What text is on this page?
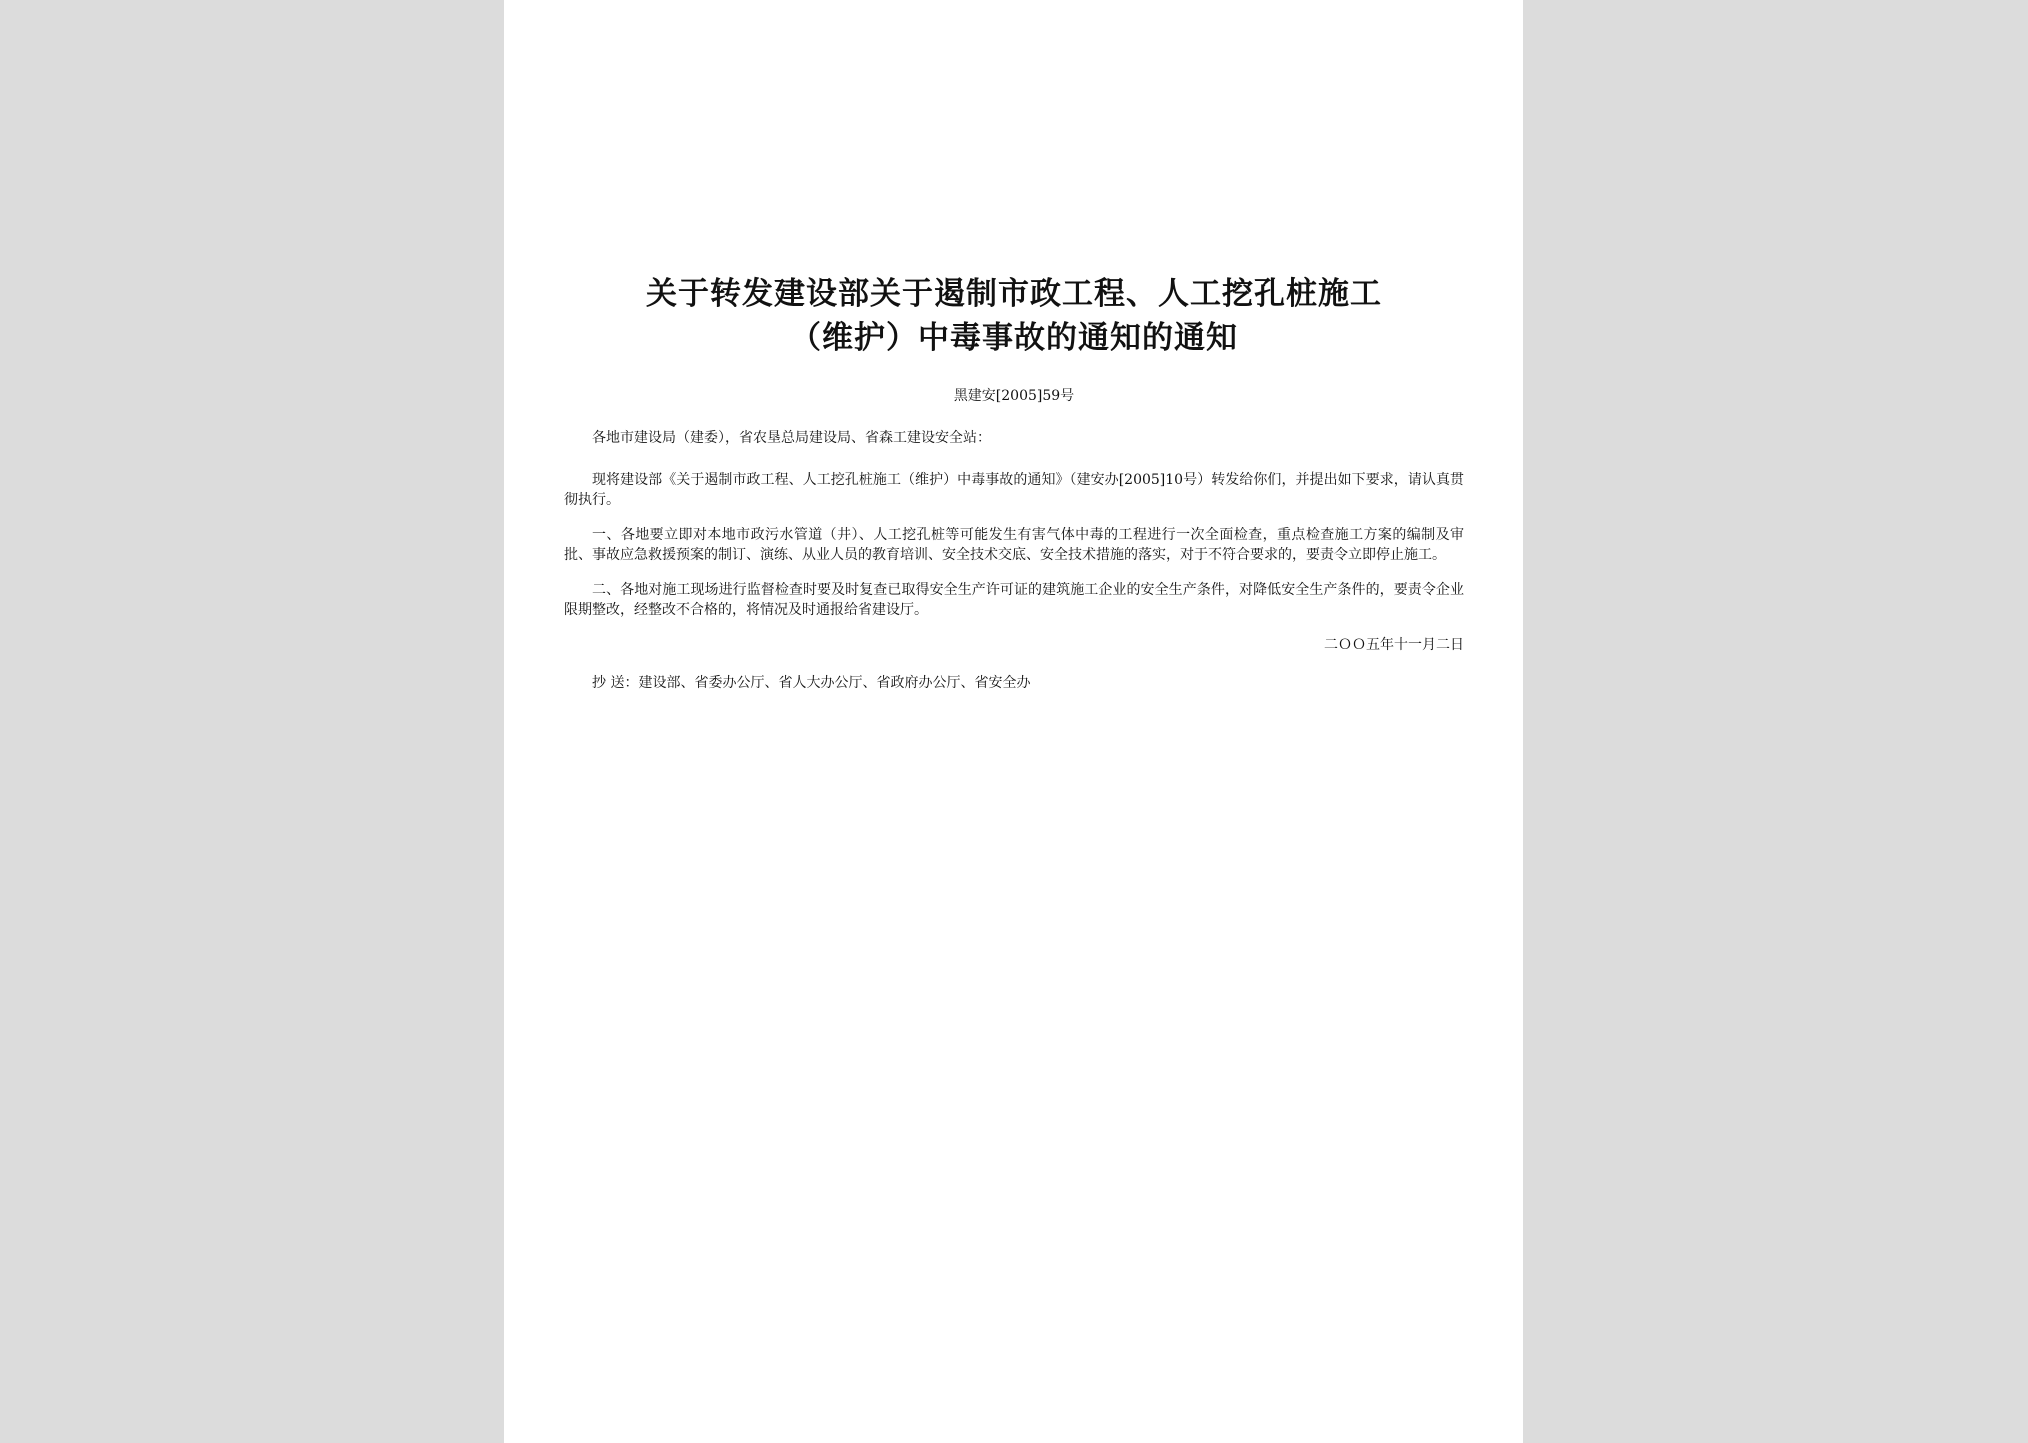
关于转发建设部关于遏制市政工程、人工挖孔桩施工
（维护）中毒事故的通知的通知

黑建安[2005]59号

各地市建设局（建委），省农垦总局建设局、省森工建设安全站：

现将建设部《关于遏制市政工程、人工挖孔桩施工（维护）中毒事故的通知》（建安办[2005]10号）转发给你们，并提出如下要求，请认真贯彻执行。

一、各地要立即对本地市政污水管道（井）、人工挖孔桩等可能发生有害气体中毒的工程进行一次全面检查，重点检查施工方案的编制及审批、事故应急救援预案的制订、演练、从业人员的教育培训、安全技术交底、安全技术措施的落实，对于不符合要求的，要责令立即停止施工。

二、各地对施工现场进行监督检查时要及时复查已取得安全生产许可证的建筑施工企业的安全生产条件，对降低安全生产条件的，要责令企业限期整改，经整改不合格的，将情况及时通报给省建设厅。

二ＯＯ五年十一月二日

抄 送：建设部、省委办公厅、省人大办公厅、省政府办公厅、省安全办
